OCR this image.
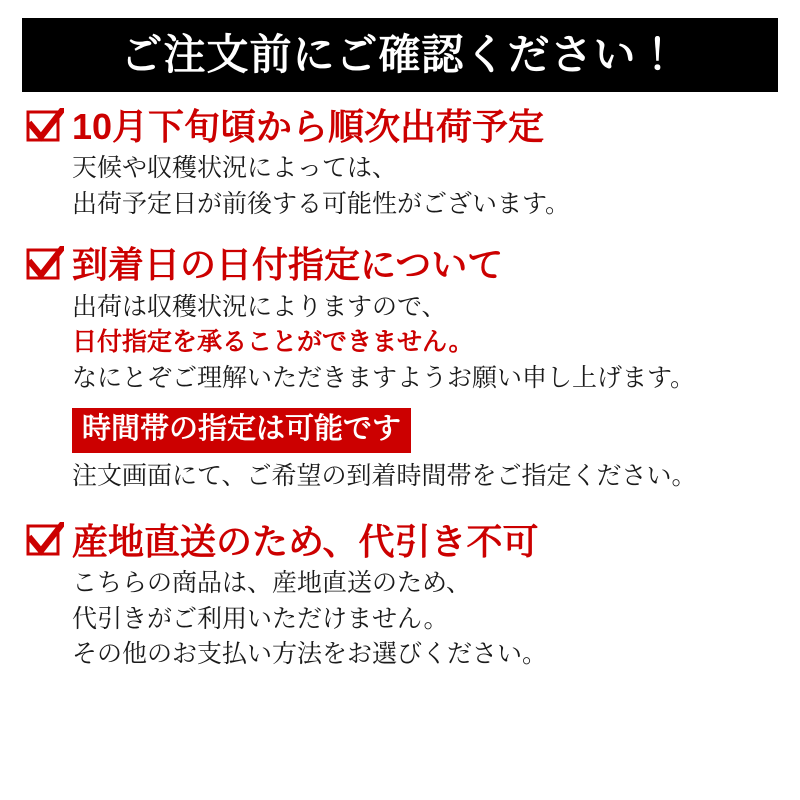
ご注文前にご確認ください！
10月下旬頃から順次出荷予定
天候や収穫状況によっては、
出荷予定日が前後する可能性がございます。
到着日の日付指定について
出荷は収穫状況によりますので、
日付指定を承ることができません。
なにとぞご理解いただきますようお願い申し上げます。
時間帯の指定は可能です
注文画面にて、ご希望の到着時間帯をご指定ください。
産地直送のため、代引き不可
こちらの商品は、産地直送のため、
代引きがご利用いただけません。
その他のお支払い方法をお選びください。
